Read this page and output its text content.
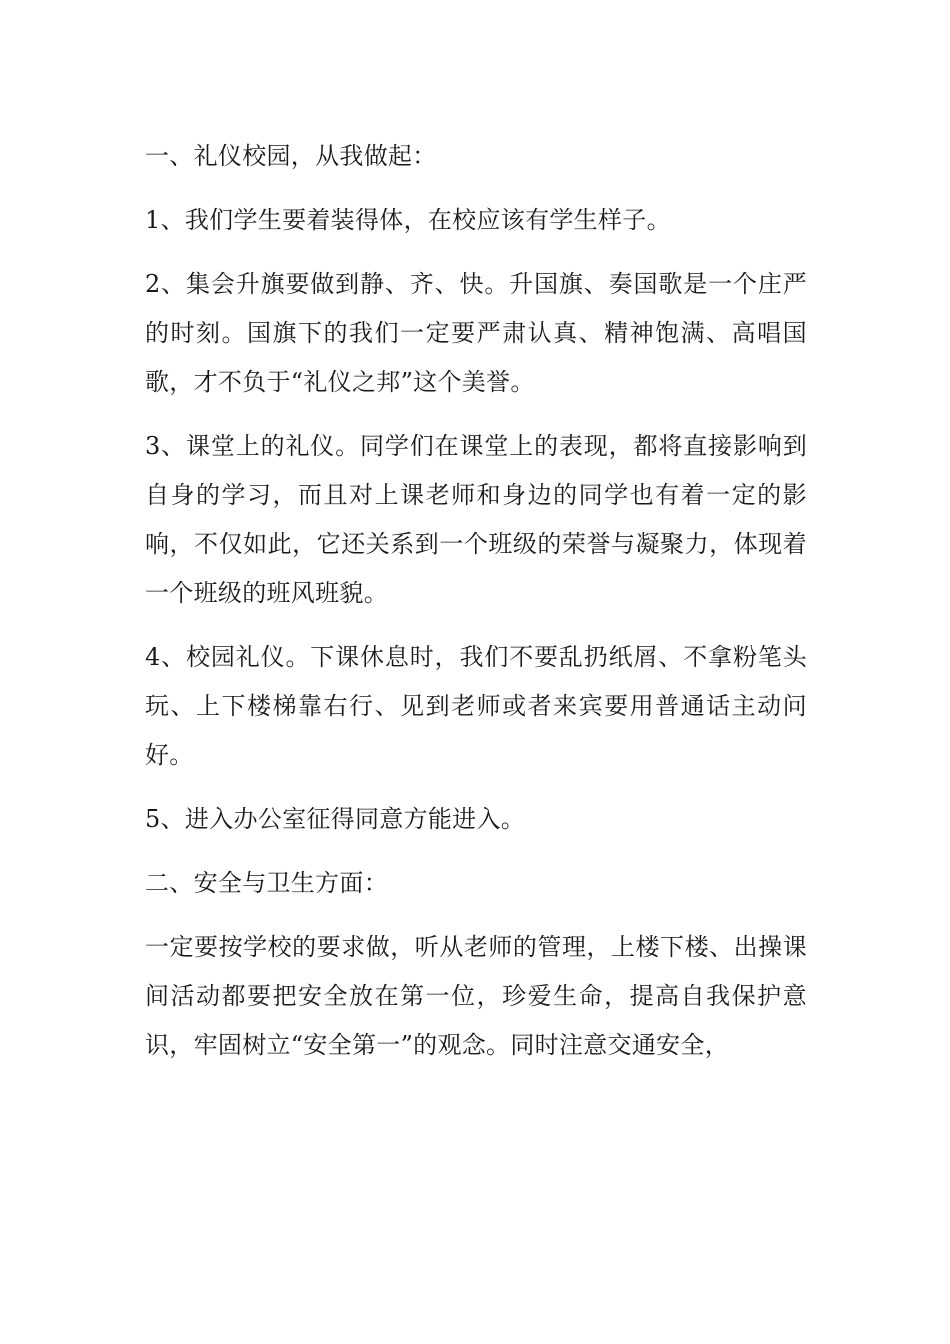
一、礼仪校园，从我做起：

1、我们学生要着装得体，在校应该有学生样子。

2、集会升旗要做到静、齐、快。升国旗、奏国歌是一个庄严的时刻。国旗下的我们一定要严肃认真、精神饱满、高唱国歌，才不负于“礼仪之邦”这个美誉。

3、课堂上的礼仪。同学们在课堂上的表现，都将直接影响到自身的学习，而且对上课老师和身边的同学也有着一定的影响，不仅如此，它还关系到一个班级的荣誉与凝聚力，体现着一个班级的班风班貌。

4、校园礼仪。下课休息时，我们不要乱扔纸屑、不拿粉笔头玩、上下楼梯靠右行、见到老师或者来宾要用普通话主动问好。

5、进入办公室征得同意方能进入。

二、安全与卫生方面：

一定要按学校的要求做，听从老师的管理，上楼下楼、出操课间活动都要把安全放在第一位，珍爱生命，提高自我保护意识，牢固树立“安全第一”的观念。同时注意交通安全，
